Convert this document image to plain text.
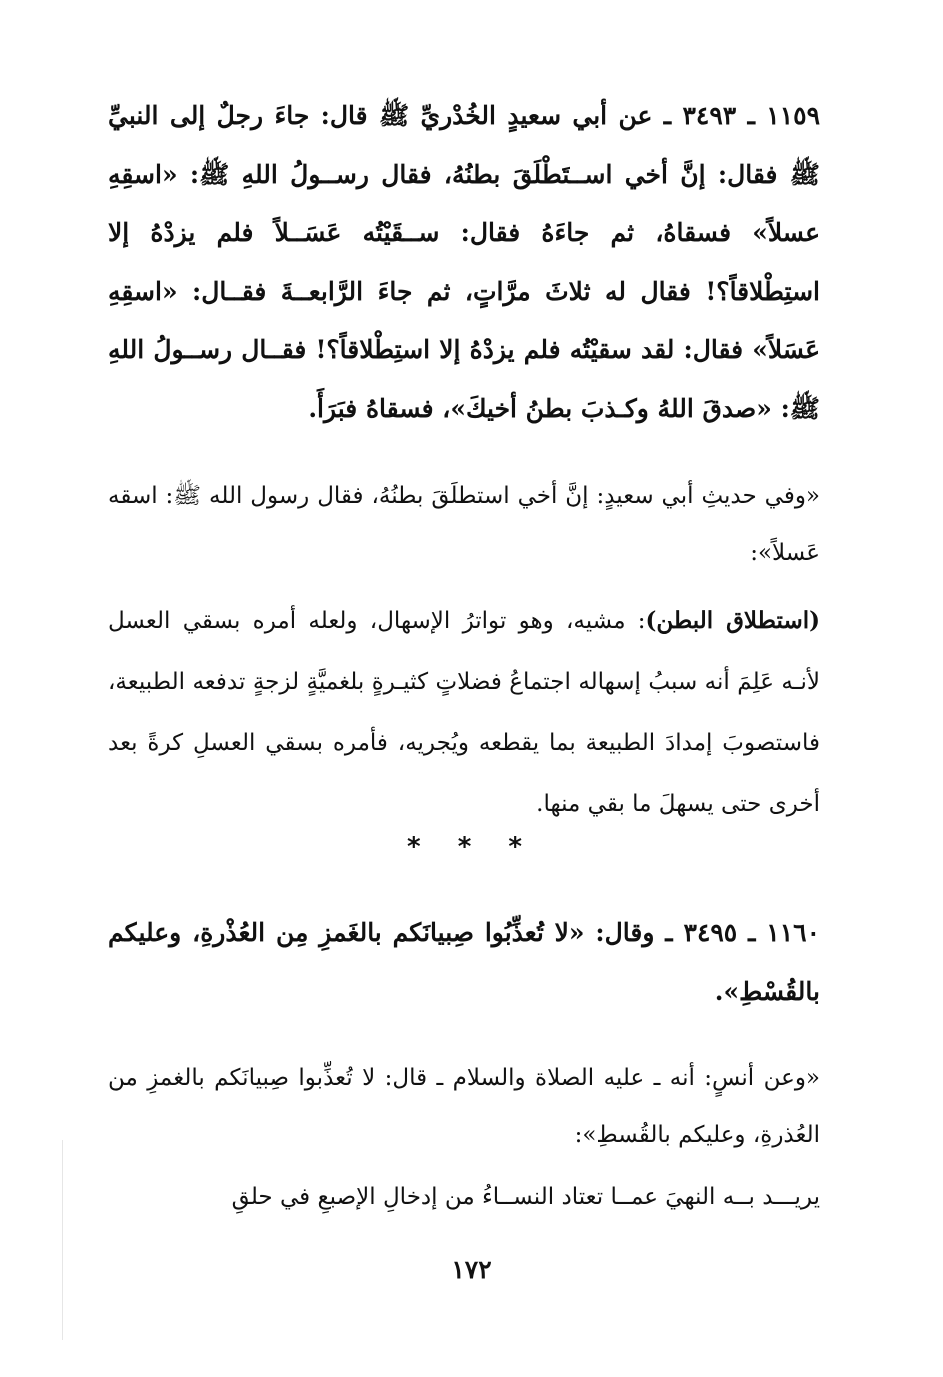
١١٥٩ ـ ٣٤٩٣ ـ عن أبي سعيدٍ الخُدْريِّ ﷺ قال: جاءَ رجلٌ إلى النبيِّ ﷺ فقال: إنَّ أخي اســتَطْلَقَ بطنُهُ، فقال رســولُ اللهِ ﷺ: «اسقِهِ عسلاً» فسقاهُ، ثم جاءَهُ فقال: ســقَيْتُه عَسَــلاً فلم يزدْهُ إلا استِطْلاقاً؟! فقال له ثلاثَ مرَّاتٍ، ثم جاءَ الرَّابعــةَ فقــال: «اسقِهِ عَسَلاً» فقال: لقد سقيْتُه فلم يزدْهُ إلا استِطْلاقاً؟! فقــال رســولُ اللهِ ﷺ: «صدقَ اللهُ وكـذبَ بطنُ أخيكَ»، فسقاهُ فبَرَأَ.
«وفي حديثِ أبي سعيدٍ: إنَّ أخي استطلَقَ بطنُهُ، فقال رسول الله ﷺ: اسقه عَسلاً»:
(استطلاق البطن): مشيه، وهو تواترُ الإسهال، ولعله أمره بسقي العسل لأنـه عَلِمَ أنه سببُ إسهاله اجتماعُ فضلاتٍ كثيـرةٍ بلغميَّةٍ لزجةٍ تدفعه الطبيعة، فاستصوبَ إمدادَ الطبيعة بما يقطعه ويُجريه، فأمره بسقي العسلِ كرةً بعد أخرى حتى يسهلَ ما بقي منها.
* * *
١١٦٠ ـ ٣٤٩٥ ـ وقال: «لا تُعذِّبُوا صِبيانَكم بالغَمزِ مِن العُذْرةِ، وعليكم بالقُسْطِ».
«وعن أنسٍ: أنه ـ عليه الصلاة والسلام ـ قال: لا تُعذِّبوا صِبيانَكم بالغمزِ من العُذرةِ، وعليكم بالقُسطِ»:
يريـــد بــه النهيَ عمــا تعتاد النســاءُ من إدخالِ الإصبعِ في حلقِ
١٧٢
